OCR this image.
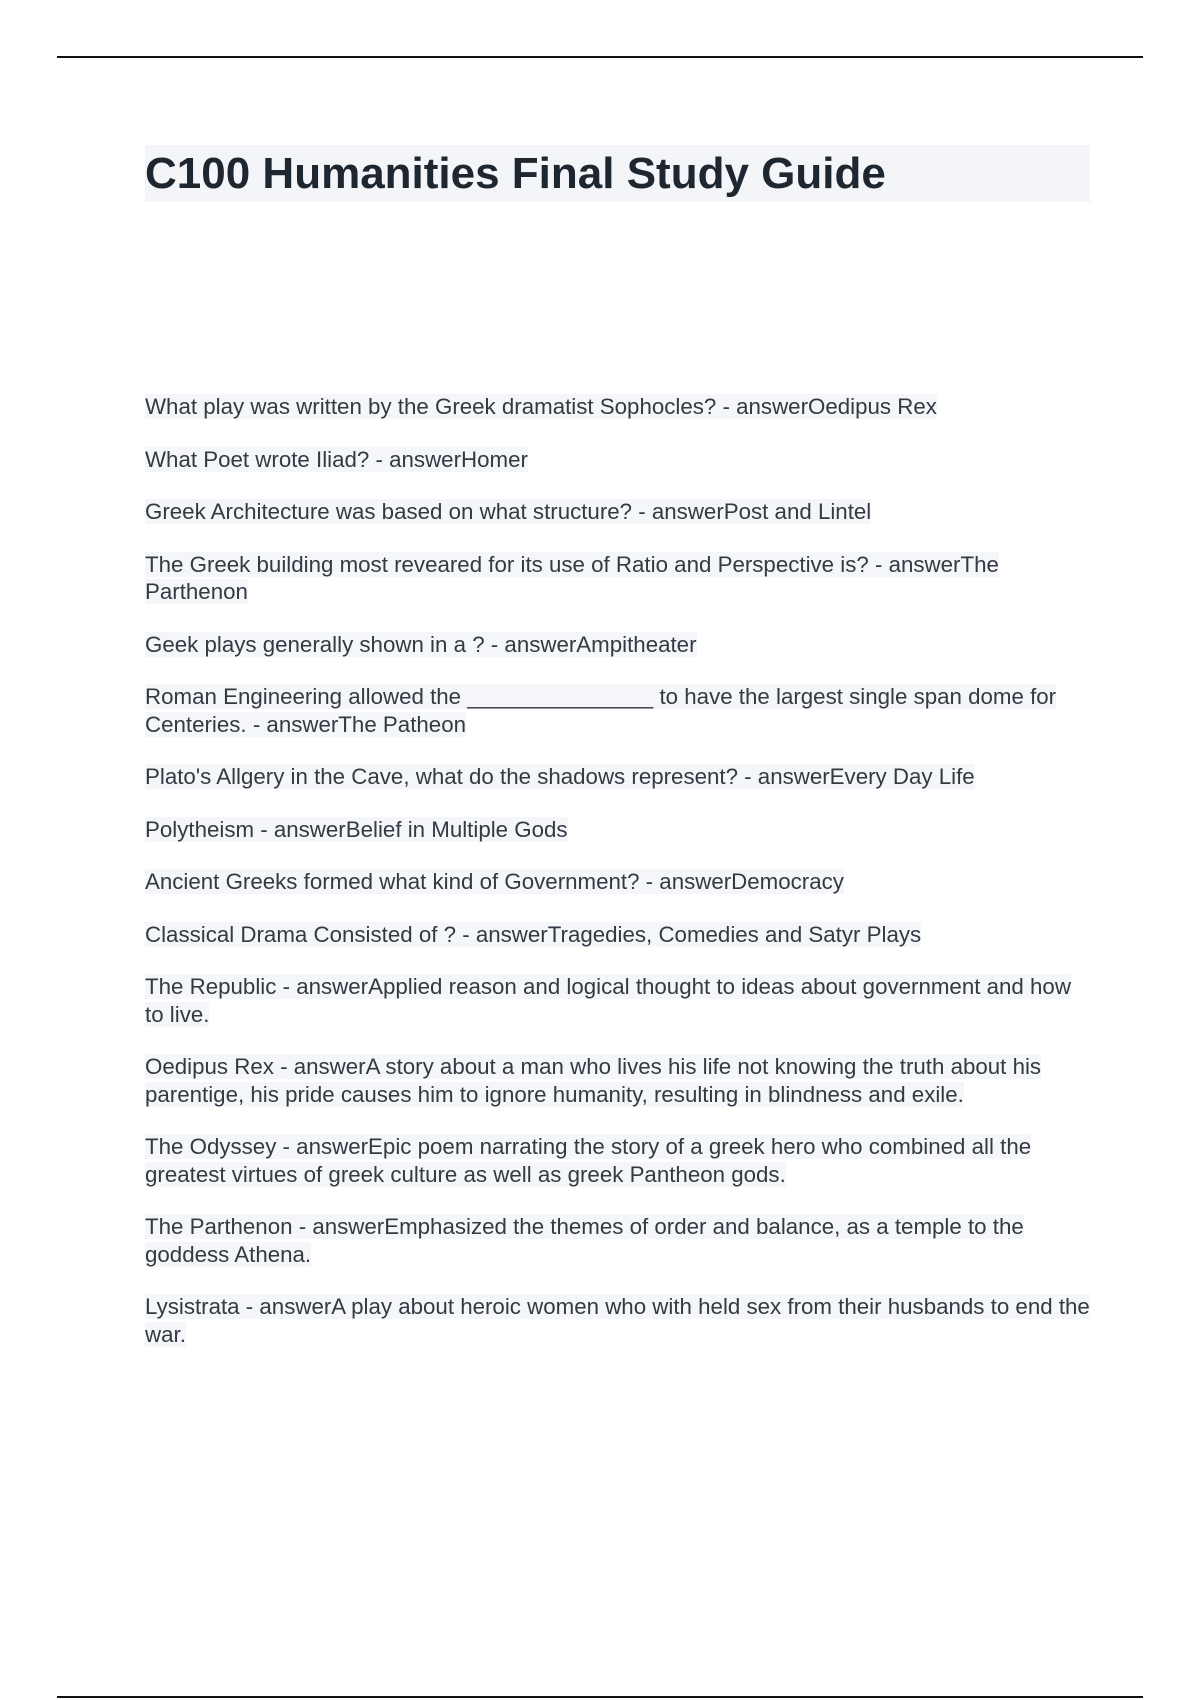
C100 Humanities Final Study Guide
What play was written by the Greek dramatist Sophocles? - answerOedipus Rex
What Poet wrote Iliad? - answerHomer
Greek Architecture was based on what structure? - answerPost and Lintel
The Greek building most reveared for its use of Ratio and Perspective is? - answerThe Parthenon
Geek plays generally shown in a ? - answerAmpitheater
Roman Engineering allowed the _______________ to have the largest single span dome for Centeries. - answerThe Patheon
Plato's Allgery in the Cave, what do the shadows represent? - answerEvery Day Life
Polytheism - answerBelief in Multiple Gods
Ancient Greeks formed what kind of Government? - answerDemocracy
Classical Drama Consisted of ? - answerTragedies, Comedies and Satyr Plays
The Republic - answerApplied reason and logical thought to ideas about government and how to live.
Oedipus Rex - answerA story about a man who lives his life not knowing the truth about his parentige, his pride causes him to ignore humanity, resulting in blindness and exile.
The Odyssey - answerEpic poem narrating the story of a greek hero who combined all the greatest virtues of greek culture as well as greek Pantheon gods.
The Parthenon - answerEmphasized the themes of order and balance, as a temple to the goddess Athena.
Lysistrata - answerA play about heroic women who with held sex from their husbands to end the war.
